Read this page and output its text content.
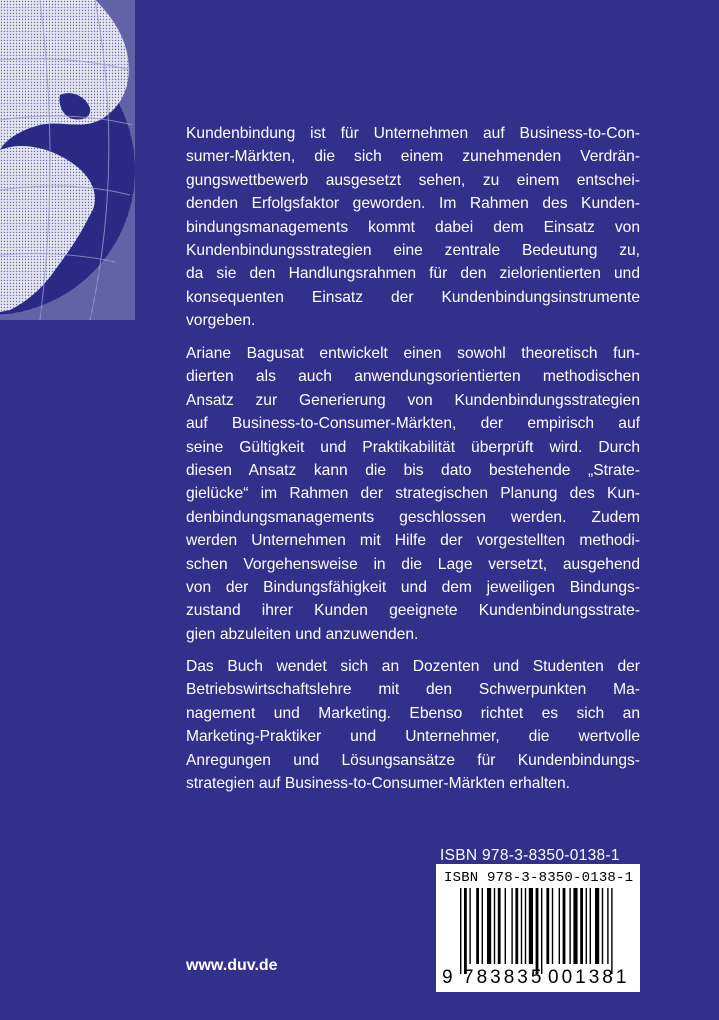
Kundenbindung ist für Unternehmen auf Business-to-Con-
sumer-Märkten, die sich einem zunehmenden Verdrän-
gungswettbewerb ausgesetzt sehen, zu einem entschei-
denden Erfolgsfaktor geworden. Im Rahmen des Kunden-
bindungsmanagements kommt dabei dem Einsatz von
Kundenbindungsstrategien eine zentrale Bedeutung zu,
da sie den Handlungsrahmen für den zielorientierten und
konsequenten Einsatz der Kundenbindungsinstrumente
vorgeben.

Ariane Bagusat entwickelt einen sowohl theoretisch fun-
dierten als auch anwendungsorientierten methodischen
Ansatz zur Generierung von Kundenbindungsstrategien
auf Business-to-Consumer-Märkten, der empirisch auf
seine Gültigkeit und Praktikabilität überprüft wird. Durch
diesen Ansatz kann die bis dato bestehende „Strate-
gielücke“ im Rahmen der strategischen Planung des Kun-
denbindungsmanagements geschlossen werden. Zudem
werden Unternehmen mit Hilfe der vorgestellten methodi-
schen Vorgehensweise in die Lage versetzt, ausgehend
von der Bindungsfähigkeit und dem jeweiligen Bindungs-
zustand ihrer Kunden geeignete Kundenbindungsstrate-
gien abzuleiten und anzuwenden.

Das Buch wendet sich an Dozenten und Studenten der
Betriebswirtschaftslehre mit den Schwerpunkten Ma-
nagement und Marketing. Ebenso richtet es sich an
Marketing-Praktiker und Unternehmer, die wertvolle
Anregungen und Lösungsansätze für Kundenbindungs-
strategien auf Business-to-Consumer-Märkten erhalten.

ISBN 978-3-8350-0138-1
ISBN 978-3-8350-0138-1
9 783835 001381
www.duv.de
